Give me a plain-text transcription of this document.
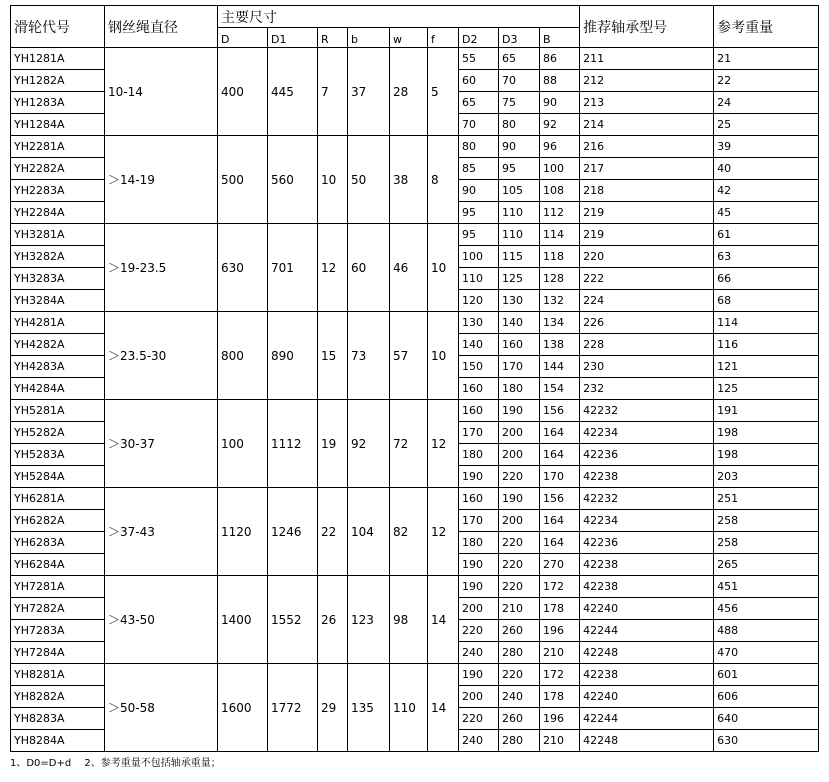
滑轮代号	钢丝绳直径	主要尺寸									推荐轴承型号	参考重量
		D	D1	R	b	w	f	D2	D3	B		
YH1281A	10-14	400	445	7	37	28	5	55	65	86	211	21
YH1282A								60	70	88	212	22
YH1283A								65	75	90	213	24
YH1284A								70	80	92	214	25
YH2281A	＞14-19	500	560	10	50	38	8	80	90	96	216	39
YH2282A								85	95	100	217	40
YH2283A								90	105	108	218	42
YH2284A								95	110	112	219	45
YH3281A	＞19-23.5	630	701	12	60	46	10	95	110	114	219	61
YH3282A								100	115	118	220	63
YH3283A								110	125	128	222	66
YH3284A								120	130	132	224	68
YH4281A	＞23.5-30	800	890	15	73	57	10	130	140	134	226	114
YH4282A								140	160	138	228	116
YH4283A								150	170	144	230	121
YH4284A								160	180	154	232	125
YH5281A	＞30-37	100	1112	19	92	72	12	160	190	156	42232	191
YH5282A								170	200	164	42234	198
YH5283A								180	200	164	42236	198
YH5284A								190	220	170	42238	203
YH6281A	＞37-43	1120	1246	22	104	82	12	160	190	156	42232	251
YH6282A								170	200	164	42234	258
YH6283A								180	220	164	42236	258
YH6284A								190	220	270	42238	265
YH7281A	＞43-50	1400	1552	26	123	98	14	190	220	172	42238	451
YH7282A								200	210	178	42240	456
YH7283A								220	260	196	42244	488
YH7284A								240	280	210	42248	470
YH8281A	＞50-58	1600	1772	29	135	110	14	190	220	172	42238	601
YH8282A								200	240	178	42240	606
YH8283A								220	260	196	42244	640
YH8284A								240	280	210	42248	630
1、D0=D+d　 2、参考重量不包括轴承重量；
